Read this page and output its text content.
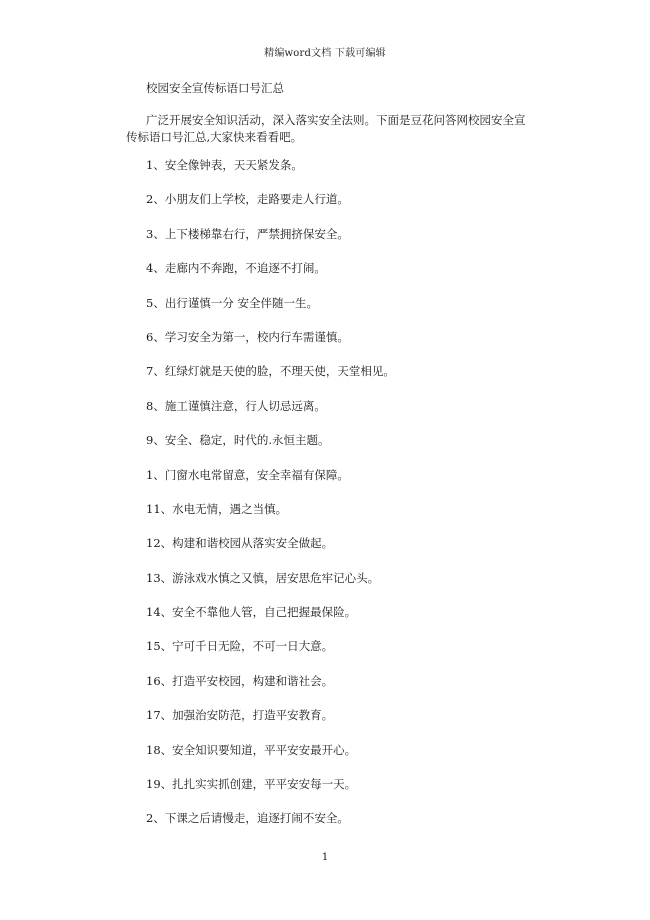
精编word文档 下载可编辑
校园安全宣传标语口号汇总

广泛开展安全知识活动，深入落实安全法则。下面是豆花问答网校园安全宣传标语口号汇总,大家快来看看吧。

1、安全像钟表，天天紧发条。
2、小朋友们上学校，走路要走人行道。
3、上下楼梯靠右行，严禁拥挤保安全。
4、走廊内不奔跑，不追逐不打闹。
5、出行谨慎一分 安全伴随一生。
6、学习安全为第一，校内行车需谨慎。
7、红绿灯就是天使的脸，不理天使，天堂相见。
8、施工谨慎注意，行人切忌远离。
9、安全、稳定，时代的.永恒主题。
1、门窗水电常留意，安全幸福有保障。
11、水电无情，遇之当慎。
12、构建和谐校园从落实安全做起。
13、游泳戏水慎之又慎，居安思危牢记心头。
14、安全不靠他人管，自己把握最保险。
15、宁可千日无险，不可一日大意。
16、打造平安校园，构建和谐社会。
17、加强治安防范，打造平安教育。
18、安全知识要知道，平平安安最开心。
19、扎扎实实抓创建，平平安安每一天。
2、下课之后请慢走，追逐打闹不安全。
1
